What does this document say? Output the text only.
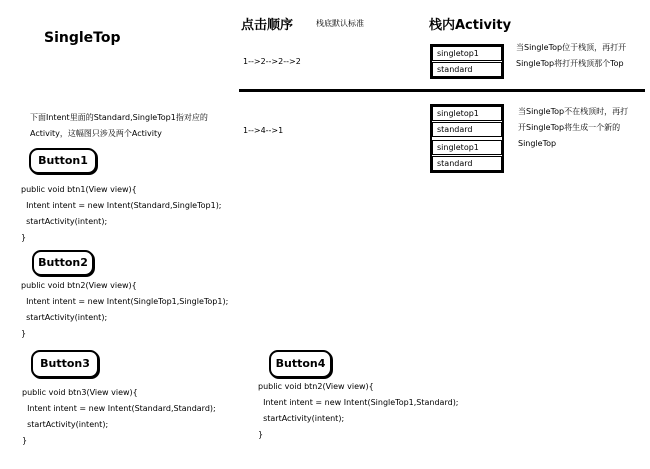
SingleTop
点击顺序	栈底默认标准	栈内Activity
1-->2-->2-->2
singletop1
standard
当SingleTop位于栈顶，再打开
SingleTop将打开栈顶那个Top
1-->4-->1
singletop1
standard
singletop1
standard
当SingleTop不在栈顶时，再打
开SingleTop将生成一个新的
SingleTop
下面Intent里面的Standard,SingleTop1指对应的
Activity，这幅图只涉及两个Activity
Button1
public void btn1(View view){
Intent intent = new Intent(Standard,SingleTop1);
startActivity(intent);
}
Button2
public void btn2(View view){
Intent intent = new Intent(SingleTop1,SingleTop1);
startActivity(intent);
}
Button3
public void btn3(View view){
Intent intent = new Intent(Standard,Standard);
startActivity(intent);
}
Button4
public void btn2(View view){
Intent intent = new Intent(SingleTop1,Standard);
startActivity(intent);
}
